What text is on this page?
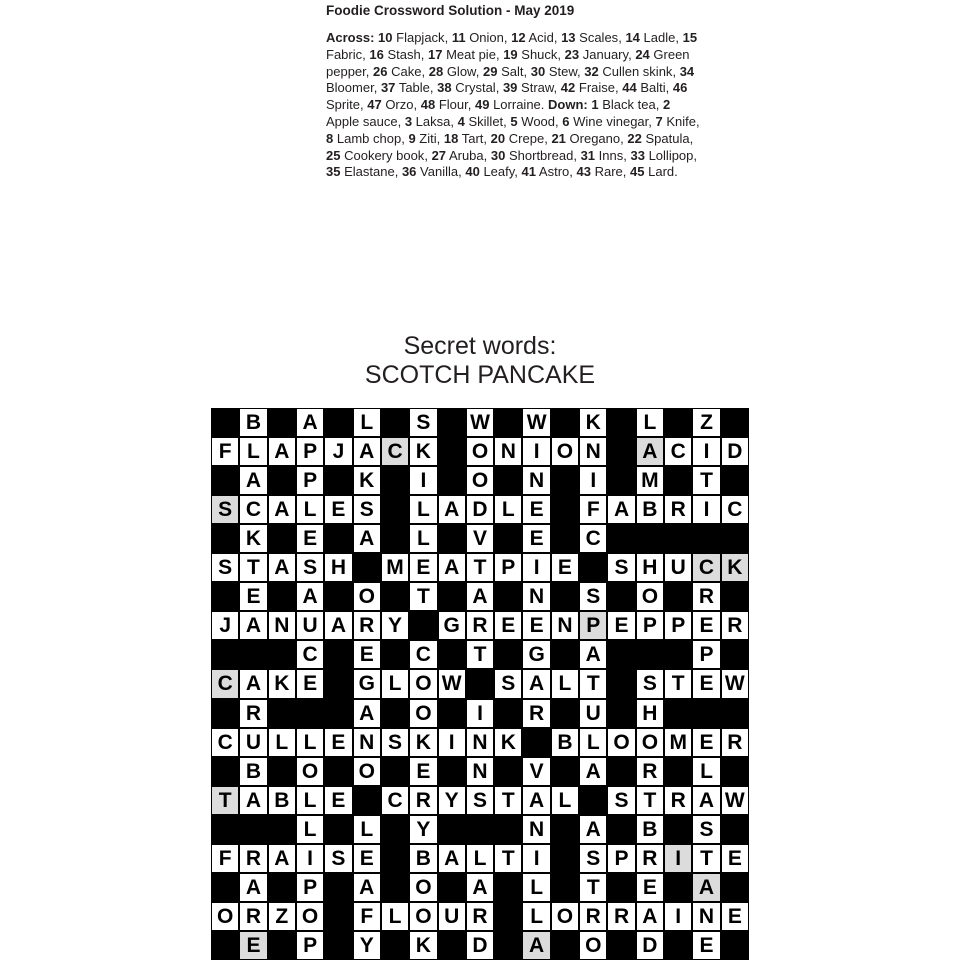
Foodie Crossword Solution - May 2019
Across: 10 Flapjack, 11 Onion, 12 Acid, 13 Scales, 14 Ladle, 15 Fabric, 16 Stash, 17 Meat pie, 19 Shuck, 23 January, 24 Green pepper, 26 Cake, 28 Glow, 29 Salt, 30 Stew, 32 Cullen skink, 34 Bloomer, 37 Table, 38 Crystal, 39 Straw, 42 Fraise, 44 Balti, 46 Sprite, 47 Orzo, 48 Flour, 49 Lorraine. Down: 1 Black tea, 2 Apple sauce, 3 Laksa, 4 Skillet, 5 Wood, 6 Wine vinegar, 7 Knife, 8 Lamb chop, 9 Ziti, 18 Tart, 20 Crepe, 21 Oregano, 22 Spatula, 25 Cookery book, 27 Aruba, 30 Shortbread, 31 Inns, 33 Lollipop, 35 Elastane, 36 Vanilla, 40 Leafy, 41 Astro, 43 Rare, 45 Lard.
Secret words:
SCOTCH PANCAKE
B A	L	S W W K	L	Z
F L A P J A C K O N I O N A C I D
A P K	I	O N	I	M	T
S C A L E S	L A D L E	F A B R I C
K E A	L	V E C
S T A S H M E A T P I E S H U C K
E A O	T	A N S O R
J A N U A R Y G R E E N P E P P E R
C E C	T	G A	P
C A K E G L O W S A L T	S T E W
R	A O	I	R U H
C U L L E N S K I N K B L O O M E R
B O O E N V A R	L
T A B L E C R Y S T A L	S T R A W
L	L	Y	N A B S
F R A I S E B A L T I	S P R I T E
A P A O A	L	T	E A
O R Z O	F L O U R	L O R R A I N E
E P Y K D A O D E
